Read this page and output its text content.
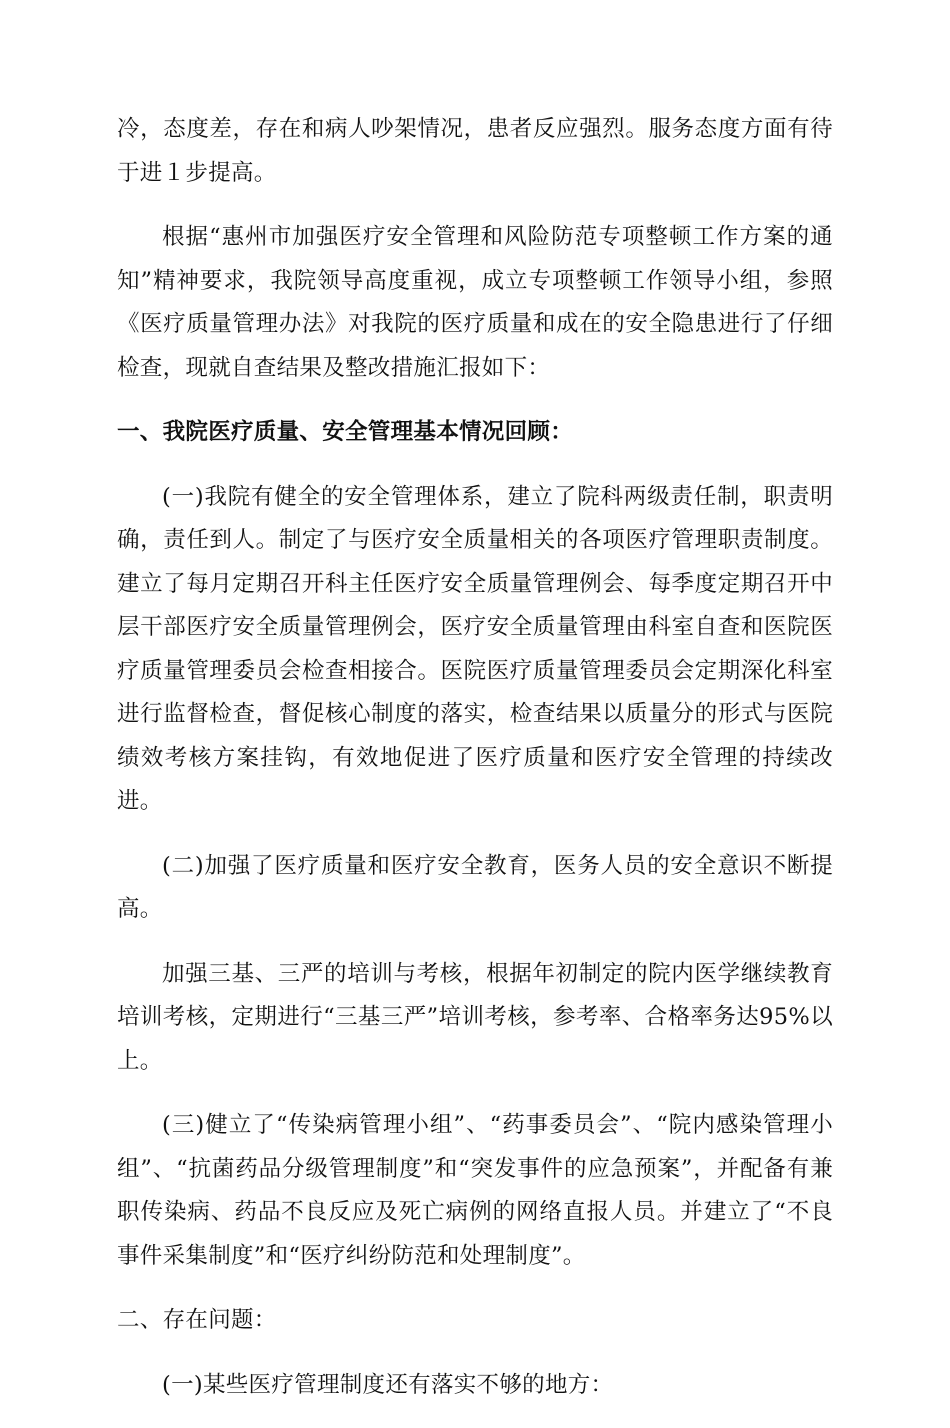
冷，态度差，存在和病人吵架情况，患者反应强烈。服务态度方面有待于进１步提高。

根据“惠州市加强医疗安全管理和风险防范专项整顿工作方案的通知”精神要求，我院领导高度重视，成立专项整顿工作领导小组，参照《医疗质量管理办法》对我院的医疗质量和成在的安全隐患进行了仔细检查，现就自查结果及整改措施汇报如下：

一、我院医疗质量、安全管理基本情况回顾：

(一)我院有健全的安全管理体系，建立了院科两级责任制，职责明确，责任到人。制定了与医疗安全质量相关的各项医疗管理职责制度。建立了每月定期召开科主任医疗安全质量管理例会、每季度定期召开中层干部医疗安全质量管理例会，医疗安全质量管理由科室自查和医院医疗质量管理委员会检查相接合。医院医疗质量管理委员会定期深化科室进行监督检查，督促核心制度的落实，检查结果以质量分的形式与医院绩效考核方案挂钩，有效地促进了医疗质量和医疗安全管理的持续改进。

(二)加强了医疗质量和医疗安全教育，医务人员的安全意识不断提高。

加强三基、三严的培训与考核，根据年初制定的院内医学继续教育培训考核，定期进行“三基三严”培训考核，参考率、合格率务达95%以上。

(三)健立了“传染病管理小组”、“药事委员会”、“院内感染管理小组”、“抗菌药品分级管理制度”和“突发事件的应急预案”，并配备有兼职传染病、药品不良反应及死亡病例的网络直报人员。并建立了“不良事件采集制度”和“医疗纠纷防范和处理制度”。

二、存在问题：

(一)某些医疗管理制度还有落实不够的地方：
